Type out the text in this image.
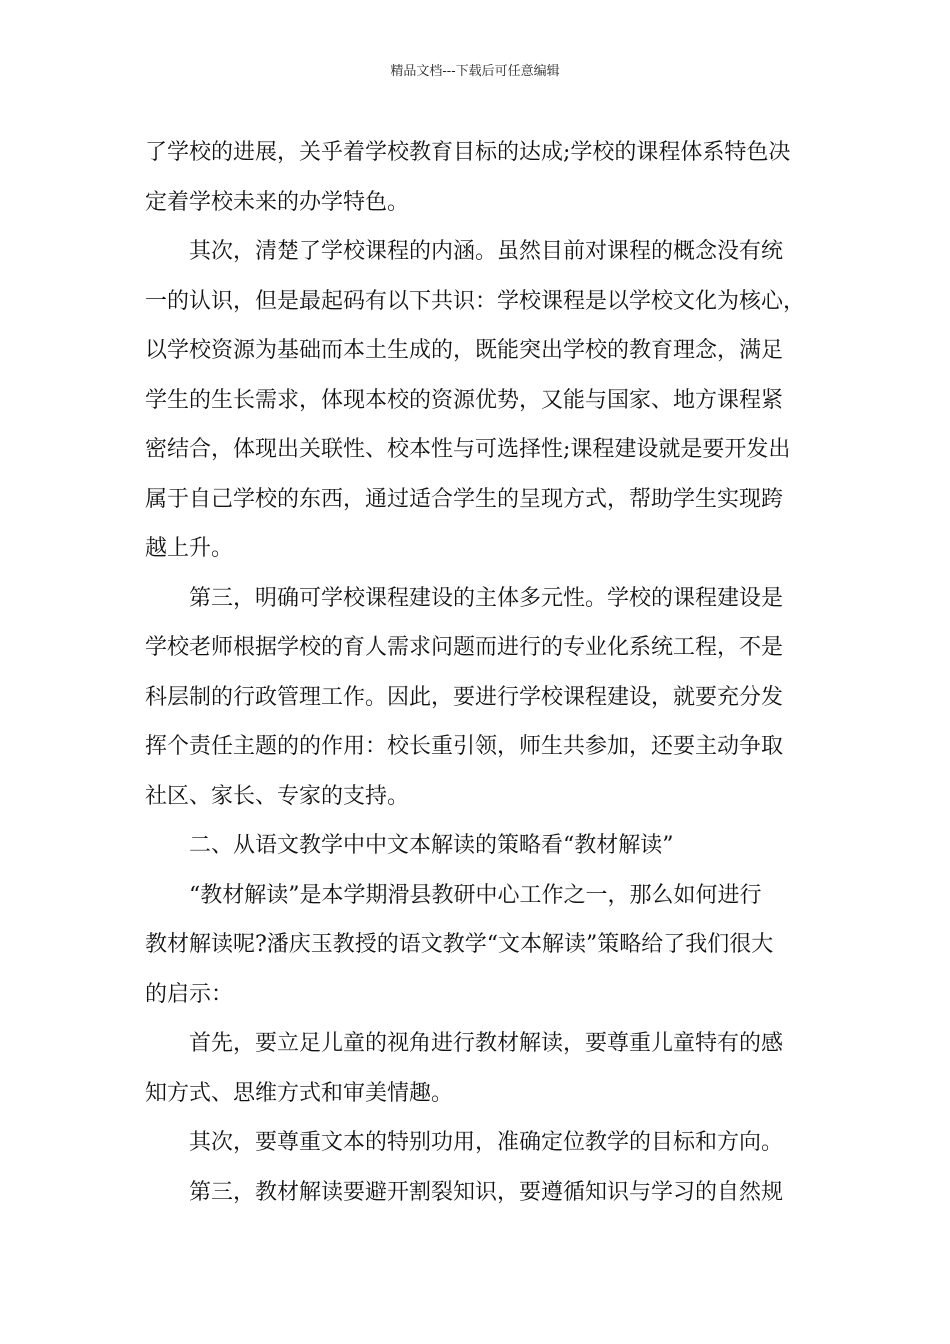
精品文档---下载后可任意编辑
了学校的进展，关乎着学校教育目标的达成;学校的课程体系特色决
定着学校未来的办学特色。
其次，清楚了学校课程的内涵。虽然目前对课程的概念没有统
一的认识，但是最起码有以下共识：学校课程是以学校文化为核心，
以学校资源为基础而本土生成的，既能突出学校的教育理念，满足
学生的生长需求，体现本校的资源优势，又能与国家、地方课程紧
密结合，体现出关联性、校本性与可选择性;课程建设就是要开发出
属于自己学校的东西，通过适合学生的呈现方式，帮助学生实现跨
越上升。
第三，明确可学校课程建设的主体多元性。学校的课程建设是
学校老师根据学校的育人需求问题而进行的专业化系统工程，不是
科层制的行政管理工作。因此，要进行学校课程建设，就要充分发
挥个责任主题的的作用：校长重引领，师生共参加，还要主动争取
社区、家长、专家的支持。
二、从语文教学中中文本解读的策略看“教材解读”
“教材解读”是本学期滑县教研中心工作之一，那么如何进行
教材解读呢?潘庆玉教授的语文教学“文本解读”策略给了我们很大
的启示：
首先，要立足儿童的视角进行教材解读，要尊重儿童特有的感
知方式、思维方式和审美情趣。
其次，要尊重文本的特别功用，准确定位教学的目标和方向。
第三，教材解读要避开割裂知识，要遵循知识与学习的自然规
